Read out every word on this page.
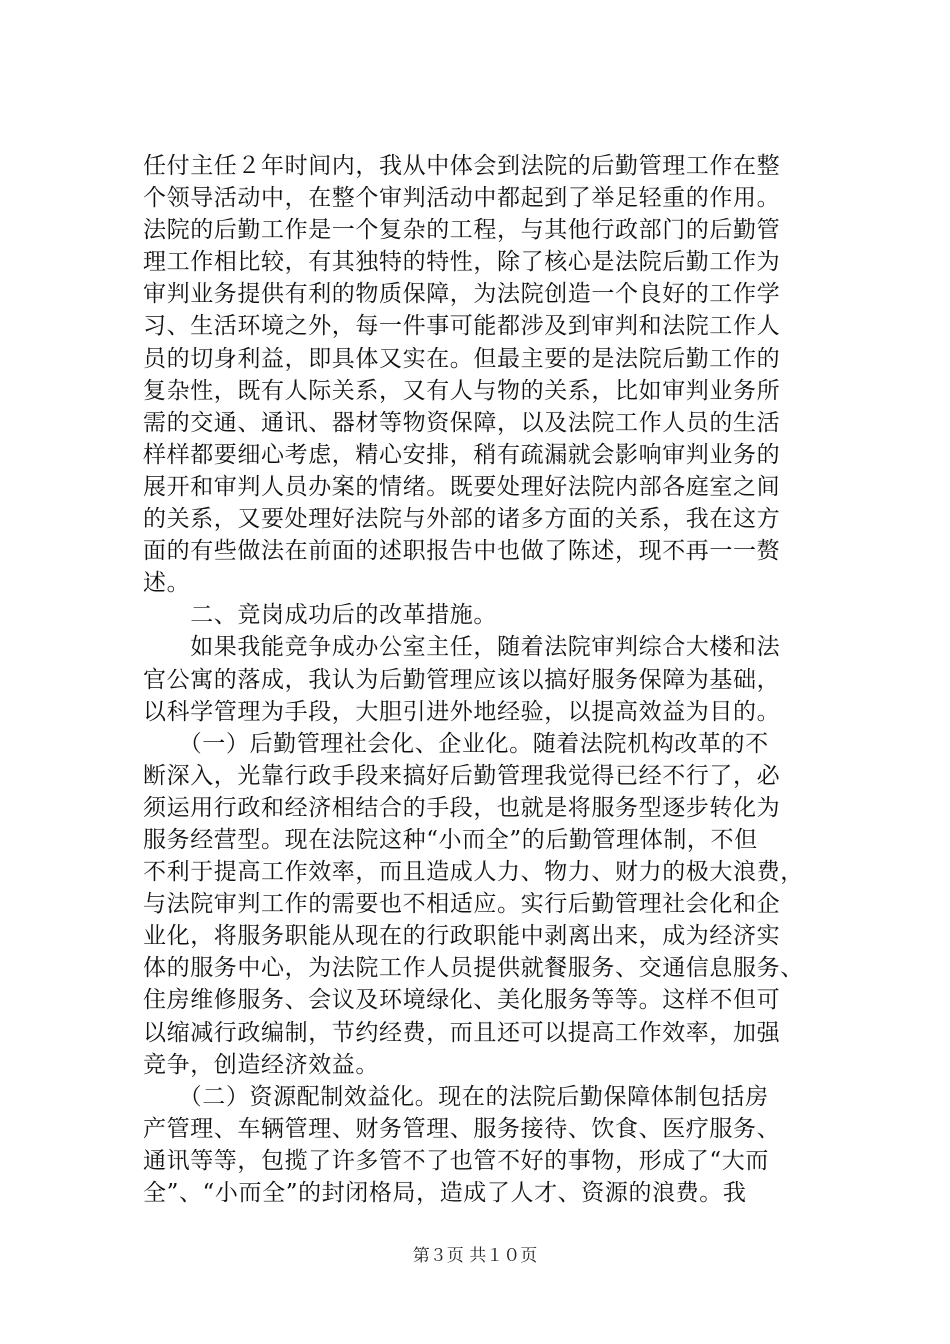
任付主任２年时间内，我从中体会到法院的后勤管理工作在整
个领导活动中，在整个审判活动中都起到了举足轻重的作用。
法院的后勤工作是一个复杂的工程，与其他行政部门的后勤管
理工作相比较，有其独特的特性，除了核心是法院后勤工作为
审判业务提供有利的物质保障，为法院创造一个良好的工作学
习、生活环境之外，每一件事可能都涉及到审判和法院工作人
员的切身利益，即具体又实在。但最主要的是法院后勤工作的
复杂性，既有人际关系，又有人与物的关系，比如审判业务所
需的交通、通讯、器材等物资保障，以及法院工作人员的生活
样样都要细心考虑，精心安排，稍有疏漏就会影响审判业务的
展开和审判人员办案的情绪。既要处理好法院内部各庭室之间
的关系，又要处理好法院与外部的诸多方面的关系，我在这方
面的有些做法在前面的述职报告中也做了陈述，现不再一一赘
述。
　　二、竞岗成功后的改革措施。
　　如果我能竞争成办公室主任，随着法院审判综合大楼和法
官公寓的落成，我认为后勤管理应该以搞好服务保障为基础，
以科学管理为手段，大胆引进外地经验，以提高效益为目的。
　　（一）后勤管理社会化、企业化。随着法院机构改革的不
断深入，光靠行政手段来搞好后勤管理我觉得已经不行了，必
须运用行政和经济相结合的手段，也就是将服务型逐步转化为
服务经营型。现在法院这种“小而全”的后勤管理体制，不但
不利于提高工作效率，而且造成人力、物力、财力的极大浪费，
与法院审判工作的需要也不相适应。实行后勤管理社会化和企
业化，将服务职能从现在的行政职能中剥离出来，成为经济实
体的服务中心，为法院工作人员提供就餐服务、交通信息服务、
住房维修服务、会议及环境绿化、美化服务等等。这样不但可
以缩减行政编制，节约经费，而且还可以提高工作效率，加强
竞争，创造经济效益。
　　（二）资源配制效益化。现在的法院后勤保障体制包括房
产管理、车辆管理、财务管理、服务接待、饮食、医疗服务、
通讯等等，包揽了许多管不了也管不好的事物，形成了“大而
全”、“小而全”的封闭格局，造成了人才、资源的浪费。我
第３页 共１０页
